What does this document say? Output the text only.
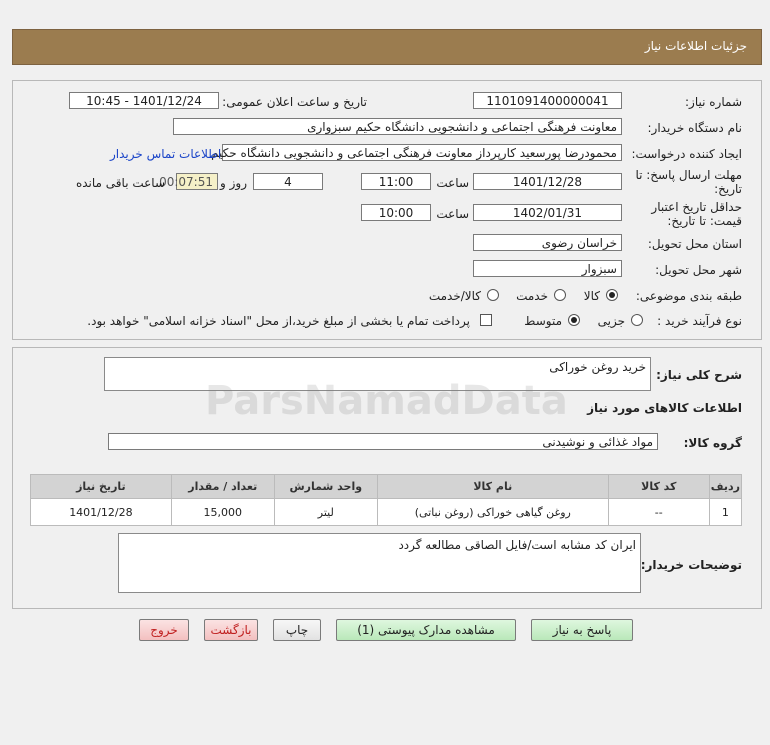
جزئیات اطلاعات نیاز
شماره نیاز:
1101091400000041
تاریخ و ساعت اعلان عمومی:
1401/12/24 - 10:45
نام دستگاه خریدار:
معاونت فرهنگی اجتماعی و دانشجویی دانشگاه حکیم سبزواری
ایجاد کننده درخواست:
محمودرضا پورسعید کارپرداز معاونت فرهنگی اجتماعی و دانشجویی دانشگاه حکیم
اطلاعات تماس خریدار
مهلت ارسال پاسخ: تا
تاریخ:
1401/12/28
ساعت
11:00
4
روز و
00:07:51
ساعت باقی مانده
حداقل تاریخ اعتبار
قیمت: تا تاریخ:
1402/01/31
ساعت
10:00
استان محل تحویل:
خراسان رضوی
شهر محل تحویل:
سبزوار
طبقه بندی موضوعی:
کالا
خدمت
کالا/خدمت
نوع فرآیند خرید :
جزیی
متوسط
پرداخت تمام یا بخشی از مبلغ خرید،از محل "اسناد خزانه اسلامی" خواهد بود.
شرح کلی نیاز:
خرید روغن خوراکی
اطلاعات کالاهای مورد نیاز
گروه کالا:
مواد غذائی و نوشیدنی
ردیف	کد کالا	نام کالا	واحد شمارش	تعداد / مقدار	تاریخ نیاز
1	--	روغن گیاهی خوراکی (روغن نباتی)	لیتر	15,000	1401/12/28
توضیحات خریدار:
ایران کد مشابه است/فایل الصاقی مطالعه گردد
پاسخ به نیاز
مشاهده مدارک پیوستی (1)
چاپ
بازگشت
خروج
